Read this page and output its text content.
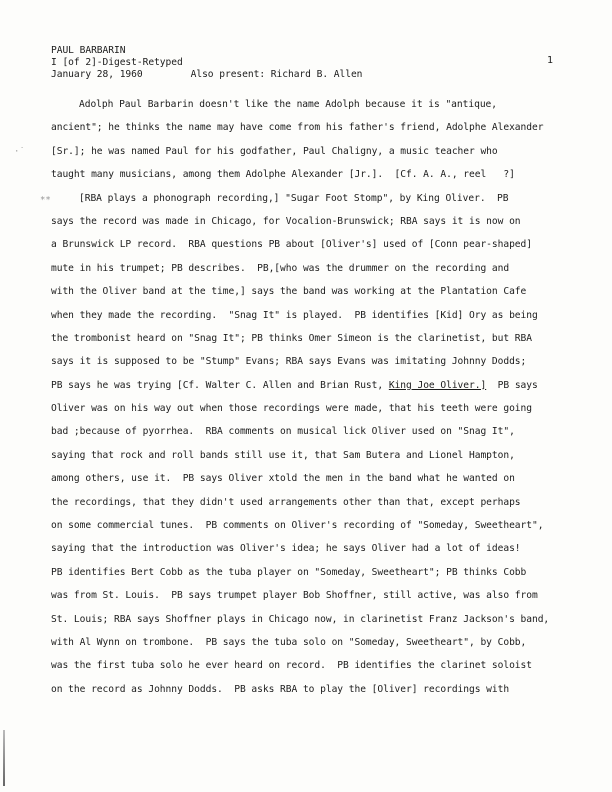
PAUL BARBARIN
I [of 2]-Digest-Retyped
January 28, 1960	Also present: Richard B. Allen
1
·˙
∗∗
Adolph Paul Barbarin doesn't like the name Adolph because it is "antique,
ancient"; he thinks the name may have come from his father's friend, Adolphe Alexander
[Sr.]; he was named Paul for his godfather, Paul Chaligny, a music teacher who
taught many musicians, among them Adolphe Alexander [Jr.].  [Cf. A. A., reel   ?]
[RBA plays a phonograph recording,] "Sugar Foot Stomp", by King Oliver.  PB
says the record was made in Chicago, for Vocalion-Brunswick; RBA says it is now on
a Brunswick LP record.  RBA questions PB about [Oliver's] used of [Conn pear-shaped]
mute in his trumpet; PB describes.  PB,[who was the drummer on the recording and
with the Oliver band at the time,] says the band was working at the Plantation Cafe
when they made the recording.  "Snag It" is played.  PB identifies [Kid] Ory as being
the trombonist heard on "Snag It"; PB thinks Omer Simeon is the clarinetist, but RBA
says it is supposed to be "Stump" Evans; RBA says Evans was imitating Johnny Dodds;
PB says he was trying [Cf. Walter C. Allen and Brian Rust, King Joe Oliver.]  PB says
Oliver was on his way out when those recordings were made, that his teeth were going
bad ;because of pyorrhea.  RBA comments on musical lick Oliver used on "Snag It",
saying that rock and roll bands still use it, that Sam Butera and Lionel Hampton,
among others, use it.  PB says Oliver xtold the men in the band what he wanted on
the recordings, that they didn't used arrangements other than that, except perhaps
on some commercial tunes.  PB comments on Oliver's recording of "Someday, Sweetheart",
saying that the introduction was Oliver's idea; he says Oliver had a lot of ideas!
PB identifies Bert Cobb as the tuba player on "Someday, Sweetheart"; PB thinks Cobb
was from St. Louis.  PB says trumpet player Bob Shoffner, still active, was also from
St. Louis; RBA says Shoffner plays in Chicago now, in clarinetist Franz Jackson's band,
with Al Wynn on trombone.  PB says the tuba solo on "Someday, Sweetheart", by Cobb,
was the first tuba solo he ever heard on record.  PB identifies the clarinet soloist
on the record as Johnny Dodds.  PB asks RBA to play the [Oliver] recordings with
